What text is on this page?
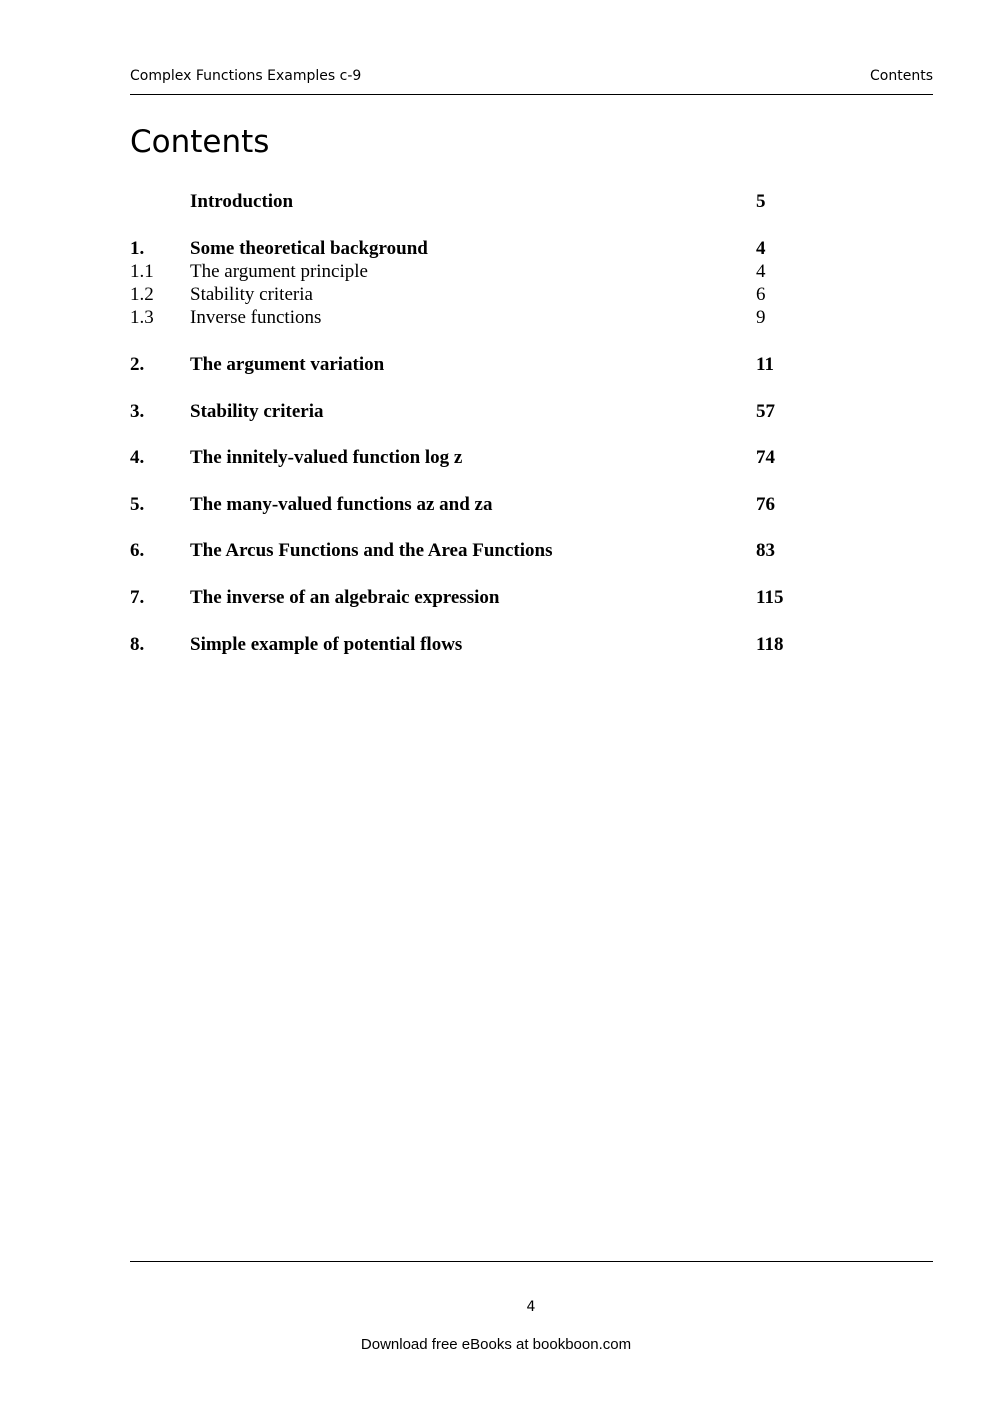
Complex Functions Examples c-9	Contents
Contents
Introduction	5
1. Some theoretical background	4
1.1 The argument principle	4
1.2 Stability criteria	6
1.3 Inverse functions	9
2. The argument variation	11
3. Stability criteria	57
4. The innitely-valued function log z	74
5. The many-valued functions az and za	76
6. The Arcus Functions and the Area Functions	83
7. The inverse of an algebraic expression	115
8. Simple example of potential flows	118
4
Download free eBooks at bookboon.com
